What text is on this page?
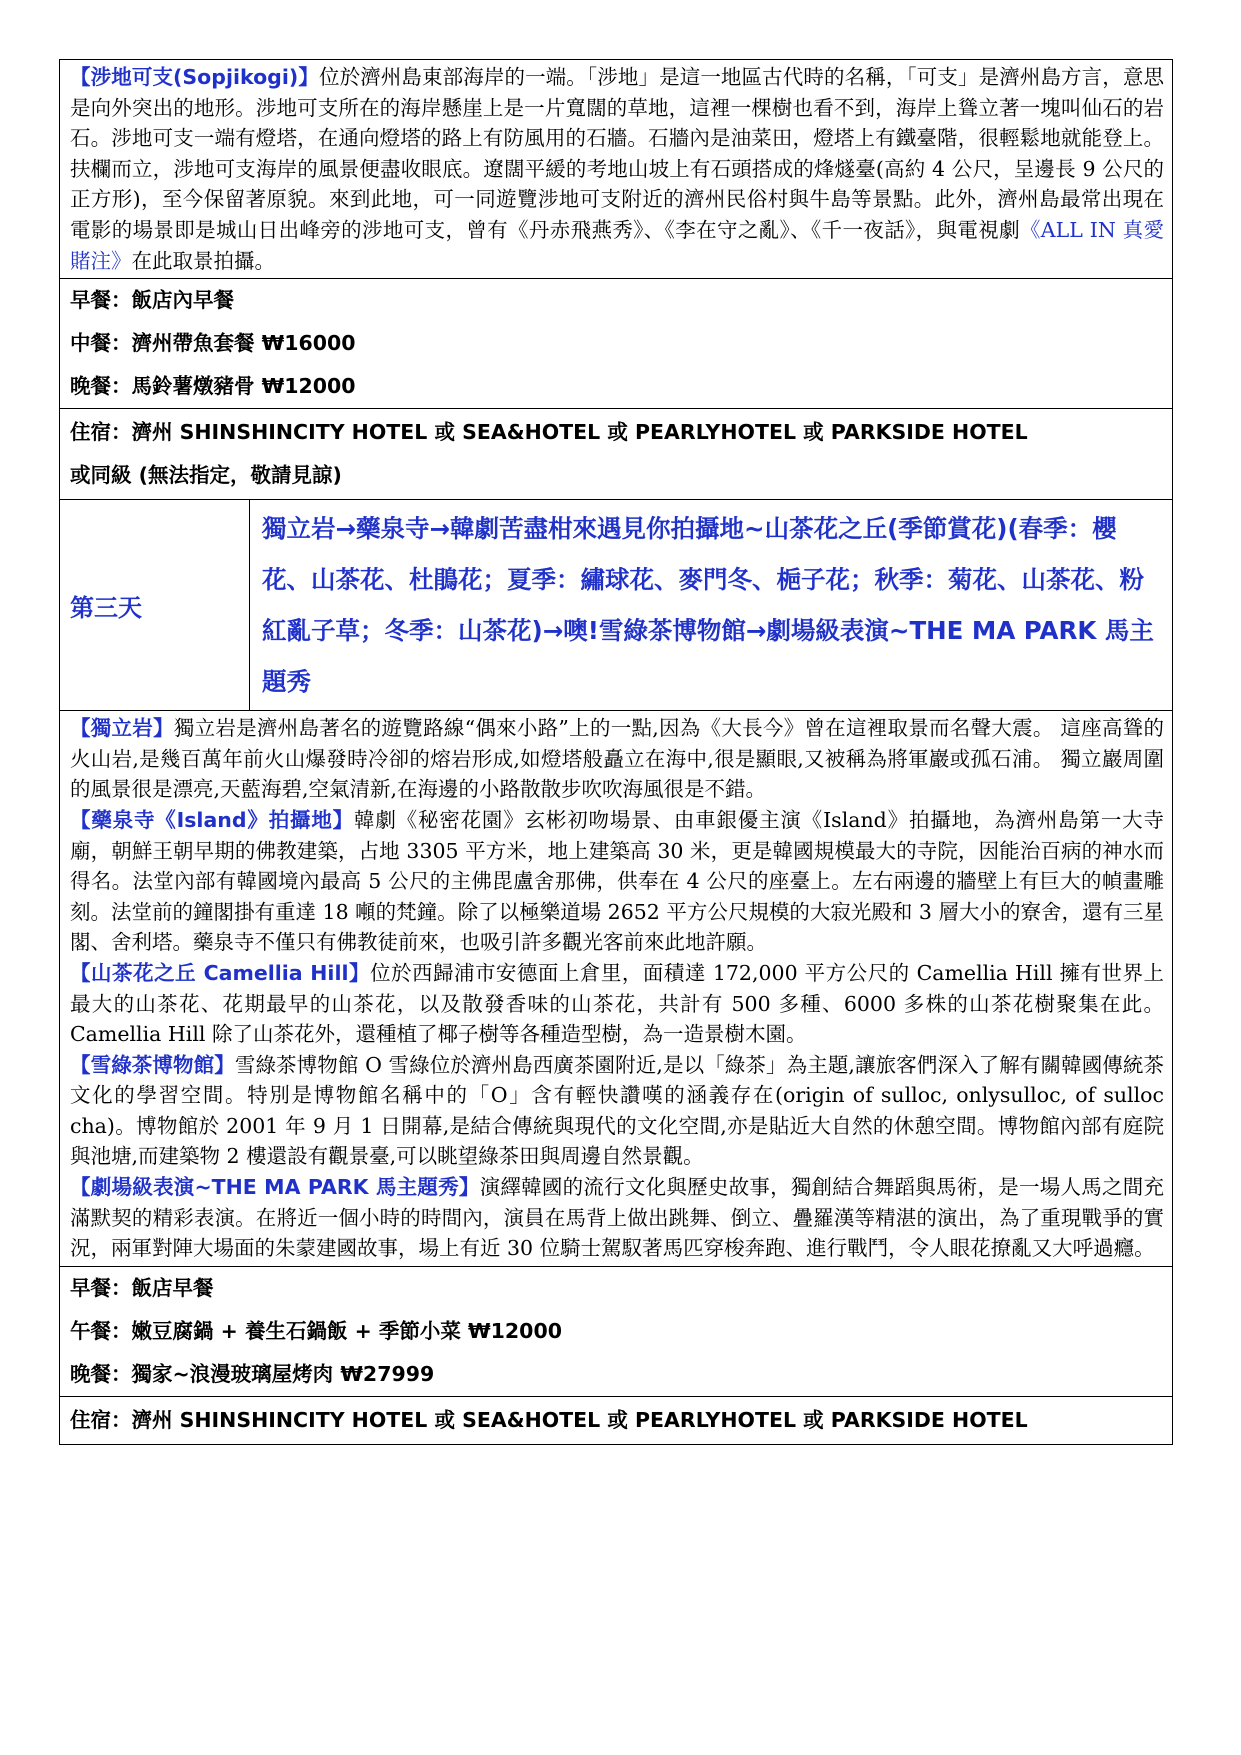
【涉地可支(Sopjikogi)】位於濟州島東部海岸的一端。「涉地」是這一地區古代時的名稱，「可支」是濟州島方言，意思是向外突出的地形。涉地可支所在的海岸懸崖上是一片寬闊的草地，這裡一棵樹也看不到，海岸上聳立著一塊叫仙石的岩石。涉地可支一端有燈塔，在通向燈塔的路上有防風用的石牆。石牆內是油菜田，燈塔上有鐵臺階，很輕鬆地就能登上。扶欄而立，涉地可支海岸的風景便盡收眼底。遼闊平緩的考地山坡上有石頭搭成的烽燧臺(高約 4 公尺，呈邊長 9 公尺的正方形)，至今保留著原貌。來到此地，可一同遊覽涉地可支附近的濟州民俗村與牛島等景點。此外，濟州島最常出現在電影的場景即是城山日出峰旁的涉地可支，曾有《丹赤飛燕秀》、《李在守之亂》、《千一夜話》，與電視劇《ALL IN 真愛賭注》在此取景拍攝。
早餐：飯店內早餐
中餐：濟州帶魚套餐 ₩16000
晚餐：馬鈴薯燉豬骨 ₩12000
住宿：濟州 SHINSHINCITY HOTEL 或 SEA&HOTEL 或 PEARLYHOTEL 或 PARKSIDE HOTEL
或同級 (無法指定，敬請見諒)
第三天
獨立岩→藥泉寺→韓劇苦盡柑來遇見你拍攝地~山茶花之丘(季節賞花)(春季：櫻花、山茶花、杜鵑花；夏季：繡球花、麥門冬、梔子花；秋季：菊花、山茶花、粉紅亂子草；冬季：山茶花)→噢!雪綠茶博物館→劇場級表演~THE MA PARK 馬主題秀
【獨立岩】獨立岩是濟州島著名的遊覽路線“偶來小路”上的一點,因為《大長今》曾在這裡取景而名聲大震。 這座高聳的火山岩,是幾百萬年前火山爆發時冷卻的熔岩形成,如燈塔般矗立在海中,很是顯眼,又被稱為將軍巖或孤石浦。 獨立巖周圍的風景很是漂亮,天藍海碧,空氣清新,在海邊的小路散散步吹吹海風很是不錯。
【藥泉寺《Island》拍攝地】韓劇《秘密花園》玄彬初吻場景、由車銀優主演《Island》拍攝地，為濟州島第一大寺廟，朝鮮王朝早期的佛教建築，占地 3305 平方米，地上建築高 30 米，更是韓國規模最大的寺院，因能治百病的神水而得名。法堂內部有韓國境內最高 5 公尺的主佛毘盧舍那佛，供奉在 4 公尺的座臺上。左右兩邊的牆壁上有巨大的幀畫雕刻。法堂前的鐘閣掛有重達 18 噸的梵鐘。除了以極樂道場 2652 平方公尺規模的大寂光殿和 3 層大小的寮舍，還有三星閣、舍利塔。藥泉寺不僅只有佛教徒前來，也吸引許多觀光客前來此地許願。
【山茶花之丘 Camellia Hill】位於西歸浦市安德面上倉里，面積達 172,000 平方公尺的 Camellia Hill 擁有世界上最大的山茶花、花期最早的山茶花，以及散發香味的山茶花，共計有 500 多種、6000 多株的山茶花樹聚集在此。Camellia Hill 除了山茶花外，還種植了椰子樹等各種造型樹，為一造景樹木園。
【雪綠茶博物館】雪綠茶博物館 O 雪綠位於濟州島西廣茶園附近,是以「綠茶」為主題,讓旅客們深入了解有關韓國傳統茶文化的學習空間。特別是博物館名稱中的「O」含有輕快讚嘆的涵義存在(origin of sulloc, onlysulloc, of sulloc cha)。博物館於 2001 年 9 月 1 日開幕,是結合傳統與現代的文化空間,亦是貼近大自然的休憩空間。博物館內部有庭院與池塘,而建築物 2 樓還設有觀景臺,可以眺望綠茶田與周邊自然景觀。
【劇場級表演~THE MA PARK 馬主題秀】演繹韓國的流行文化與歷史故事，獨創結合舞蹈與馬術，是一場人馬之間充滿默契的精彩表演。在將近一個小時的時間內，演員在馬背上做出跳舞、倒立、疊羅漢等精湛的演出，為了重現戰爭的實況，兩軍對陣大場面的朱蒙建國故事，場上有近 30 位騎士駕馭著馬匹穿梭奔跑、進行戰鬥，令人眼花撩亂又大呼過癮。
早餐：飯店早餐
午餐：嫩豆腐鍋 + 養生石鍋飯 + 季節小菜 ₩12000
晚餐：獨家~浪漫玻璃屋烤肉 ₩27999
住宿：濟州 SHINSHINCITY HOTEL 或 SEA&HOTEL 或 PEARLYHOTEL 或 PARKSIDE HOTEL
